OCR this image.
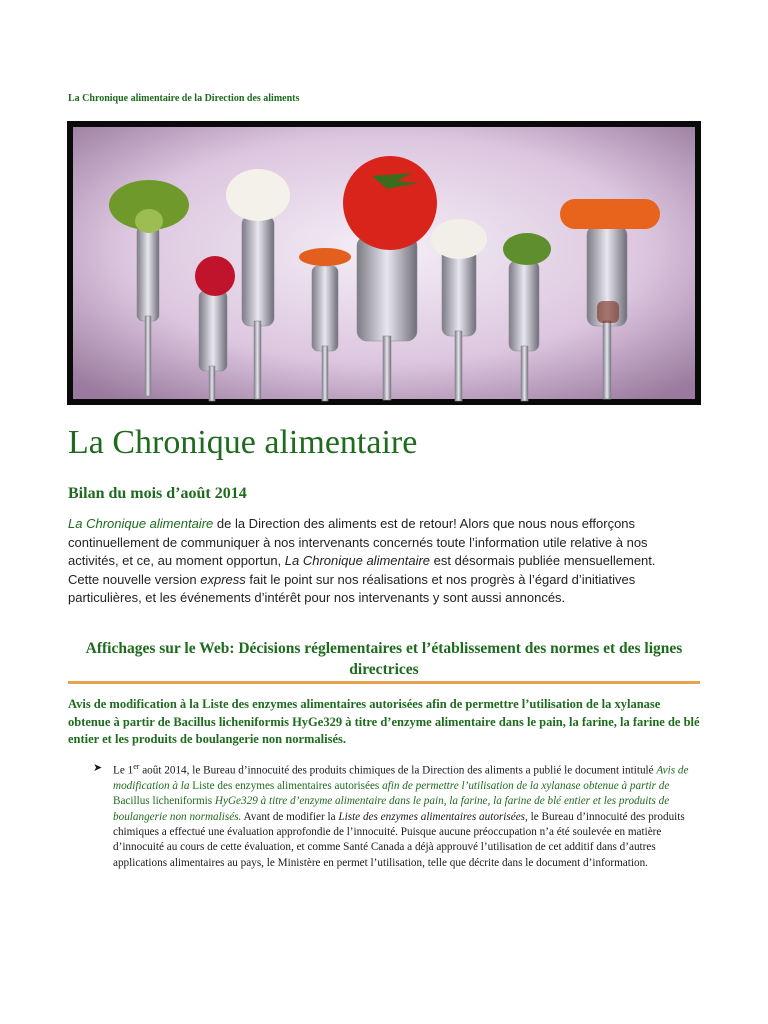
La Chronique alimentaire de la Direction des aliments
La Chronique alimentaire
Bilan du mois d’août 2014

La Chronique alimentaire de la Direction des aliments est de retour! Alors que nous nous efforçons continuellement de communiquer à nos intervenants concernés toute l’information utile relative à nos activités, et ce, au moment opportun, La Chronique alimentaire est désormais publiée mensuellement. Cette nouvelle version express fait le point sur nos réalisations et nos progrès à l’égard d’initiatives particulières, et les événements d’intérêt pour nos intervenants y sont aussi annoncés.

Affichages sur le Web: Décisions réglementaires et l’établissement des normes et des lignes directrices

Avis de modification à la Liste des enzymes alimentaires autorisées afin de permettre l’utilisation de la xylanase obtenue à partir de Bacillus licheniformis HyGe329 à titre d’enzyme alimentaire dans le pain, la farine, la farine de blé entier et les produits de boulangerie non normalisés.

➤ Le 1er août 2014, le Bureau d’innocuité des produits chimiques de la Direction des aliments a publié le document intitulé Avis de modification à la Liste des enzymes alimentaires autorisées afin de permettre l’utilisation de la xylanase obtenue à partir de Bacillus licheniformis HyGe329 à titre d’enzyme alimentaire dans le pain, la farine, la farine de blé entier et les produits de boulangerie non normalisés. Avant de modifier la Liste des enzymes alimentaires autorisées, le Bureau d’innocuité des produits chimiques a effectué une évaluation approfondie de l’innocuité. Puisque aucune préoccupation n’a été soulevée en matière d’innocuité au cours de cette évaluation, et comme Santé Canada a déjà approuvé l’utilisation de cet additif dans d’autres applications alimentaires au pays, le Ministère en permet l’utilisation, telle que décrite dans le document d’information.
